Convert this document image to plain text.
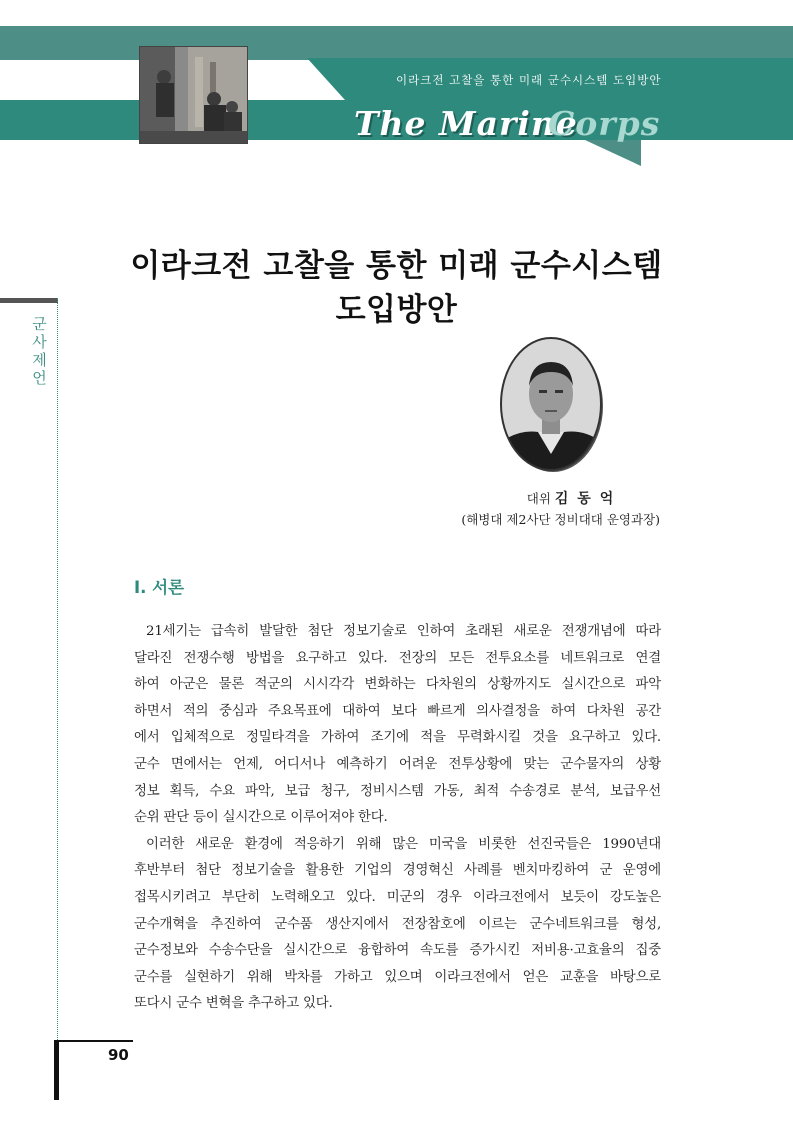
이라크전 고찰을 통한 미래 군수시스템 도입방안
The Marine
Corps
군사제언
이라크전 고찰을 통한 미래 군수시스템
도입방안
대위 김 동 억
(해병대 제2사단 정비대대 운영과장)
Ⅰ. 서론

21세기는 급속히 발달한 첨단 정보기술로 인하여 초래된 새로운 전쟁개념에 따라

달라진 전쟁수행 방법을 요구하고 있다. 전장의 모든 전투요소를 네트워크로 연결

하여 아군은 물론 적군의 시시각각 변화하는 다차원의 상황까지도 실시간으로 파악

하면서 적의 중심과 주요목표에 대하여 보다 빠르게 의사결정을 하여 다차원 공간

에서 입체적으로 정밀타격을 가하여 조기에 적을 무력화시킬 것을 요구하고 있다.

군수 면에서는 언제, 어디서나 예측하기 어려운 전투상황에 맞는 군수물자의 상황

정보 획득, 수요 파악, 보급 청구, 정비시스템 가동, 최적 수송경로 분석, 보급우선

순위 판단 등이 실시간으로 이루어져야 한다.

이러한 새로운 환경에 적응하기 위해 많은 미국을 비롯한 선진국들은 1990년대

후반부터 첨단 정보기술을 활용한 기업의 경영혁신 사례를 벤치마킹하여 군 운영에

접목시키려고 부단히 노력해오고 있다. 미군의 경우 이라크전에서 보듯이 강도높은

군수개혁을 추진하여 군수품 생산지에서 전장참호에 이르는 군수네트워크를 형성,

군수정보와 수송수단을 실시간으로 융합하여 속도를 증가시킨 저비용·고효율의 집중

군수를 실현하기 위해 박차를 가하고 있으며 이라크전에서 얻은 교훈을 바탕으로

또다시 군수 변혁을 추구하고 있다.

90
